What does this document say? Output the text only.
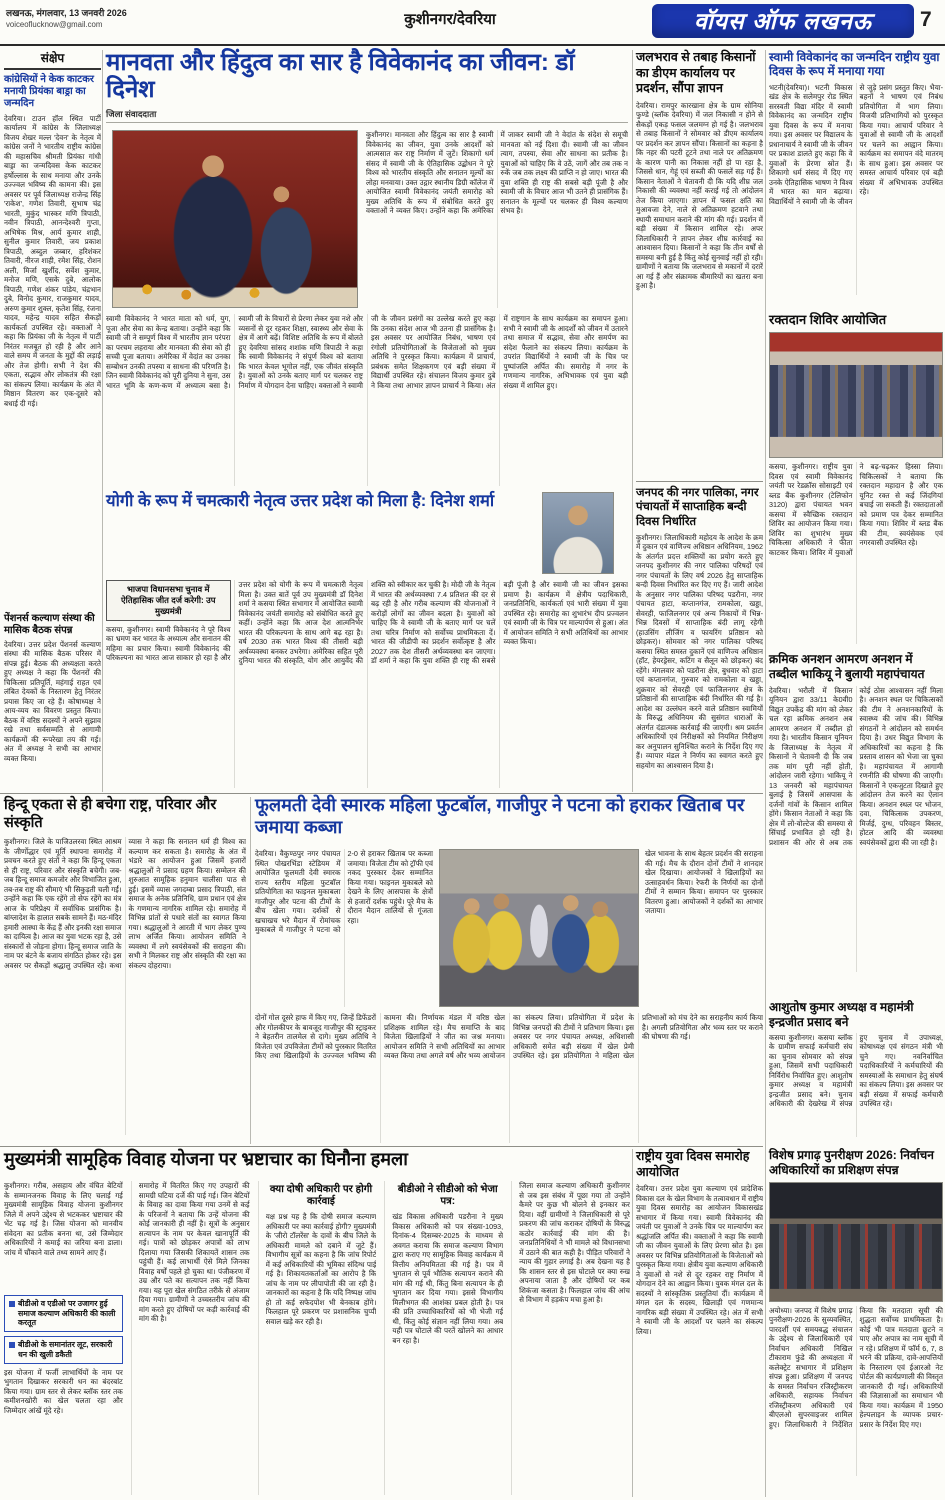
लखनऊ, मंगलवार, 13 जनवरी 2026
voiceoflucknow@gmail.com	कुशीनगर/देवरिया	वॉयस ऑफ लखनऊ	7
संक्षेप
कांग्रेसियों ने केक काटकर मनायी प्रियंका बाड्रा का जन्मदिन
देवरिया। टाउन हॉल स्थित पार्टी कार्यालय में कांग्रेस के जिलाध्यक्ष विजय शेखर मल्ल 'देवन' के नेतृत्व में कांग्रेस जनों ने भारतीय राष्ट्रीय कांग्रेस की महासचिव श्रीमती प्रियंका गांधी बाड्रा का जन्मदिवस केक काटकर हर्षोल्लास के साथ मनाया और उनके उज्ज्वल भविष्य की कामना की। इस अवसर पर पूर्व जिलाध्यक्ष राजेन्द्र सिंह 'राकेश', गणेश तिवारी, सुभाष चंद्र भारती, मुकुंद भास्कर मणि त्रिपाठी, नवीन त्रिपाठी, आनन्देश्वरी गुप्ता, अभिषेक मिश्र, आर्य कुमार शाही, सुनील कुमार तिवारी, जय प्रकाश त्रिपाठी, अब्दुल जब्बार, हरिशंकर तिवारी, नीरज शाही, रमेश सिंह, रोशन अली, मिर्जा खुर्शीद, सर्वेश कुमार, मनोज मणि, एसके दुबे, आलोक त्रिपाठी, गणेश शंकर पांडेय, चंद्रभान दुबे, विनोद कुमार, राजकुमार यादव, अरुण कुमार शुक्ल, कृतेश सिंह, रंजना यादव, महेन्द्र यादव सहित सैकड़ों कार्यकर्ता उपस्थित रहे। वक्ताओं ने कहा कि प्रियंका जी के नेतृत्व में पार्टी निरंतर मजबूत हो रही है और आने वाले समय में जनता के मुद्दों की लड़ाई और तेज होगी। सभी ने देश की एकता, सद्भाव और लोकतंत्र की रक्षा का संकल्प लिया। कार्यक्रम के अंत में मिष्ठान वितरण कर एक-दूसरे को बधाई दी गई।
पेंशनर्स कल्याण संस्था की मासिक बैठक संपन्न
देवरिया। उत्तर प्रदेश पेंशनर्स कल्याण संस्था की मासिक बैठक परिसर में संपन्न हुई। बैठक की अध्यक्षता करते हुए अध्यक्ष ने कहा कि पेंशनरों की चिकित्सा प्रतिपूर्ति, महंगाई राहत एवं लंबित देयकों के निस्तारण हेतु निरंतर प्रयास किए जा रहे हैं। कोषाध्यक्ष ने आय-व्यय का विवरण प्रस्तुत किया। बैठक में वरिष्ठ सदस्यों ने अपने सुझाव रखे तथा सर्वसम्मति से आगामी कार्यक्रमों की रूपरेखा तय की गई। अंत में अध्यक्ष ने सभी का आभार व्यक्त किया।
मानवता और हिंदुत्व का सार है विवेकानंद का जीवन: डॉ दिनेश
जिला संवाददाता
कुशीनगर। मानवता और हिंदुत्व का सार है स्वामी विवेकानंद का जीवन, युवा उनके आदर्शों को आत्मसात कर राष्ट्र निर्माण में जुटें। शिकागो धर्म संसद में स्वामी जी के ऐतिहासिक उद्बोधन ने पूरे विश्व को भारतीय संस्कृति और सनातन मूल्यों का लोहा मनवाया। उक्त उद्गार स्थानीय डिग्री कॉलेज में आयोजित स्वामी विवेकानंद जयंती समारोह को मुख्य अतिथि के रूप में संबोधित करते हुए वक्ताओं ने व्यक्त किए। उन्होंने कहा कि अमेरिका में जाकर स्वामी जी ने वेदांत के संदेश से समूची मानवता को नई दिशा दी। स्वामी जी का जीवन त्याग, तपस्या, सेवा और साधना का प्रतीक है। युवाओं को चाहिए कि वे उठें, जागें और तब तक न रुकें जब तक लक्ष्य की प्राप्ति न हो जाए। भारत की युवा शक्ति ही राष्ट्र की सबसे बड़ी पूंजी है और स्वामी जी के विचार आज भी उतने ही प्रासंगिक हैं। सनातन के मूल्यों पर चलकर ही विश्व कल्याण संभव है।
स्वामी विवेकानंद ने भारत माता को धर्म, युग, पूजा और सेवा का केन्द्र बताया। उन्होंने कहा कि स्वामी जी ने सम्पूर्ण विश्व में भारतीय ज्ञान परंपरा का परचम लहराया और मानवता की सेवा को ही सच्ची पूजा बताया। अमेरिका में वेदांत का उनका सम्बोधन उनकी तपस्या व साधना की परिणति है। जिन स्वामी विवेकानंद को पूरी दुनिया ने सुना, उस भारत भूमि के कण-कण में अध्यात्म बसा है। स्वामी जी के विचारों से प्रेरणा लेकर युवा नशे और व्यसनों से दूर रहकर शिक्षा, स्वास्थ्य और सेवा के क्षेत्र में आगे बढ़ें। विशिष्ट अतिथि के रूप में बोलते हुए देवरिया सांसद शशांक मणि त्रिपाठी ने कहा कि स्वामी विवेकानंद ने संपूर्ण विश्व को बताया कि भारत केवल भूगोल नहीं, एक जीवंत संस्कृति है। युवाओं को उनके बताए मार्ग पर चलकर राष्ट्र निर्माण में योगदान देना चाहिए। वक्ताओं ने स्वामी जी के जीवन प्रसंगों का उल्लेख करते हुए कहा कि उनका संदेश आज भी उतना ही प्रासंगिक है। इस अवसर पर आयोजित निबंध, भाषण एवं रंगोली प्रतियोगिताओं के विजेताओं को मुख्य अतिथि ने पुरस्कृत किया। कार्यक्रम में प्राचार्य, प्रबंधक समेत शिक्षकगण एवं बड़ी संख्या में विद्यार्थी उपस्थित रहे। संचालन विजय कुमार दुबे ने किया तथा आभार ज्ञापन प्राचार्य ने किया। अंत में राष्ट्रगान के साथ कार्यक्रम का समापन हुआ। सभी ने स्वामी जी के आदर्शों को जीवन में उतारने तथा समाज में सद्भाव, सेवा और समर्पण का संदेश फैलाने का संकल्प लिया। कार्यक्रम के उपरांत विद्यार्थियों ने स्वामी जी के चित्र पर पुष्पांजलि अर्पित की। समारोह में नगर के गणमान्य नागरिक, अभिभावक एवं युवा बड़ी संख्या में शामिल हुए।
योगी के रूप में चमत्कारी नेतृत्व उत्तर प्रदेश को मिला है: दिनेश शर्मा
भाजपा विधानसभा चुनाव में ऐतिहासिक जीत दर्ज करेगी: उप मुख्यमंत्री
कसया, कुशीनगर। स्वामी विवेकानंद ने पूरे विश्व का भ्रमण कर भारत के अध्यात्म और सनातन की महिमा का प्रचार किया। स्वामी विवेकानंद की परिकल्पना का भारत आज साकार हो रहा है और उत्तर प्रदेश को योगी के रूप में चमत्कारी नेतृत्व मिला है। उक्त बातें पूर्व उप मुख्यमंत्री डॉ दिनेश शर्मा ने कसया स्थित सभागार में आयोजित स्वामी विवेकानंद जयंती समारोह को संबोधित करते हुए कहीं। उन्होंने कहा कि आज देश आत्मनिर्भर भारत की परिकल्पना के साथ आगे बढ़ रहा है। वर्ष 2030 तक भारत विश्व की तीसरी बड़ी अर्थव्यवस्था बनकर उभरेगा। अमेरिका सहित पूरी दुनिया भारत की संस्कृति, योग और आयुर्वेद की शक्ति को स्वीकार कर चुकी है। मोदी जी के नेतृत्व में भारत की अर्थव्यवस्था 7.4 प्रतिशत की दर से बढ़ रही है और गरीब कल्याण की योजनाओं ने करोड़ों लोगों का जीवन बदला है। युवाओं को चाहिए कि वे स्वामी जी के बताए मार्ग पर चलें तथा चरित्र निर्माण को सर्वोच्च प्राथमिकता दें। भारत की जीडीपी का प्रदर्शन सर्वोत्कृष्ट है और 2027 तक देश तीसरी अर्थव्यवस्था बन जाएगा। डॉ शर्मा ने कहा कि युवा शक्ति ही राष्ट्र की सबसे बड़ी पूंजी है और स्वामी जी का जीवन इसका प्रमाण है। कार्यक्रम में क्षेत्रीय पदाधिकारी, जनप्रतिनिधि, कार्यकर्ता एवं भारी संख्या में युवा उपस्थित रहे। समारोह का शुभारंभ दीप प्रज्वलन एवं स्वामी जी के चित्र पर माल्यार्पण से हुआ। अंत में आयोजन समिति ने सभी अतिथियों का आभार व्यक्त किया।
जलभराव से तबाह किसानों का डीएम कार्यालय पर प्रदर्शन, सौंपा ज्ञापन
देवरिया। रामपुर कारखाना क्षेत्र के ग्राम सोनिया फुण्डे (ब्लॉक देवरिया) में जल निकासी न होने से सैकड़ों एकड़ फसल जलमग्न हो गई है। जलभराव से तबाह किसानों ने सोमवार को डीएम कार्यालय पर प्रदर्शन कर ज्ञापन सौंपा। किसानों का कहना है कि नहर की पटरी टूटने तथा नाले पर अतिक्रमण के कारण पानी का निकास नहीं हो पा रहा है, जिससे धान, गेहूं एवं सब्जी की फसलें सड़ गई हैं। किसान नेताओं ने चेतावनी दी कि यदि शीघ्र जल निकासी की व्यवस्था नहीं कराई गई तो आंदोलन तेज किया जाएगा। ज्ञापन में फसल क्षति का मुआवजा देने, नाले से अतिक्रमण हटवाने तथा स्थायी समाधान कराने की मांग की गई। प्रदर्शन में बड़ी संख्या में किसान शामिल रहे। अपर जिलाधिकारी ने ज्ञापन लेकर शीघ्र कार्रवाई का आश्वासन दिया। किसानों ने कहा कि तीन वर्षों से समस्या बनी हुई है किंतु कोई सुनवाई नहीं हो रही। ग्रामीणों ने बताया कि जलभराव से मकानों में दरारें आ गई हैं और संक्रामक बीमारियों का खतरा बना हुआ है।
जनपद की नगर पालिका, नगर पंचायतों में साप्ताहिक बन्दी दिवस निर्धारित
कुशीनगर। जिलाधिकारी महोदय के आदेश के क्रम में दुकान एवं वाणिज्य अधिष्ठान अधिनियम, 1962 के अंतर्गत प्रदत्त शक्तियों का प्रयोग करते हुए जनपद कुशीनगर की नगर पालिका परिषदों एवं नगर पंचायतों के लिए वर्ष 2026 हेतु साप्ताहिक बन्दी दिवस निर्धारित कर दिए गए हैं। जारी आदेश के अनुसार नगर पालिका परिषद पडरौना, नगर पंचायत हाटा, कप्तानगंज, रामकोला, खड्डा, सेवरही, फाजिलनगर एवं अन्य निकायों में भिन्न-भिन्न दिवसों में साप्ताहिक बंदी लागू रहेगी (हाउसिंग लीजिंग व फायरिंग प्रतिष्ठान को छोड़कर)। सोमवार को नगर पालिका परिषद कसया स्थित समस्त दुकानें एवं वाणिज्य अधिष्ठान (हॉट, हेयरड्रेसर, कटिंग व सैलून को छोड़कर) बंद रहेंगे। मंगलवार को पडरौना क्षेत्र, बुधवार को हाटा एवं कप्तानगंज, गुरुवार को रामकोला व खड्डा, शुक्रवार को सेवरही एवं फाजिलनगर क्षेत्र के प्रतिष्ठानों की साप्ताहिक बंदी निर्धारित की गई है। आदेश का उल्लंघन करने वाले प्रतिष्ठान स्वामियों के विरुद्ध अधिनियम की सुसंगत धाराओं के अंतर्गत दंडात्मक कार्रवाई की जाएगी। श्रम प्रवर्तन अधिकारियों एवं निरीक्षकों को नियमित निरीक्षण कर अनुपालन सुनिश्चित कराने के निर्देश दिए गए हैं। व्यापार मंडल ने निर्णय का स्वागत करते हुए सहयोग का आश्वासन दिया है।
स्वामी विवेकानंद का जन्मदिन राष्ट्रीय युवा दिवस के रूप में मनाया गया
भटनी(देवरिया)। भटनी विकास खंड क्षेत्र के सलेमपुर रोड स्थित सरस्वती विद्या मंदिर में स्वामी विवेकानंद का जन्मदिन राष्ट्रीय युवा दिवस के रूप में मनाया गया। इस अवसर पर विद्यालय के प्रधानाचार्य ने स्वामी जी के जीवन पर प्रकाश डालते हुए कहा कि वे युवाओं के प्रेरणा स्रोत हैं। शिकागो धर्म संसद में दिए गए उनके ऐतिहासिक भाषण ने विश्व में भारत का मान बढ़ाया। विद्यार्थियों ने स्वामी जी के जीवन से जुड़े प्रसंग प्रस्तुत किए। भैया-बहनों ने भाषण एवं निबंध प्रतियोगिता में भाग लिया। विजयी प्रतिभागियों को पुरस्कृत किया गया। आचार्य परिवार ने युवाओं से स्वामी जी के आदर्शों पर चलने का आह्वान किया। कार्यक्रम का समापन वंदे मातरम् के साथ हुआ। इस अवसर पर समस्त आचार्य परिवार एवं बड़ी संख्या में अभिभावक उपस्थित रहे।
रक्तदान शिविर आयोजित
कसया, कुशीनगर। राष्ट्रीय युवा दिवस एवं स्वामी विवेकानंद जयंती पर रेडक्रॉस सोसाइटी एवं ब्लड बैंक कुशीनगर (टेलिफोन 3120) द्वारा पंचायत भवन कसया में स्वैच्छिक रक्तदान शिविर का आयोजन किया गया। शिविर का शुभारंभ मुख्य चिकित्सा अधिकारी ने फीता काटकर किया। शिविर में युवाओं ने बढ़-चढ़कर हिस्सा लिया। चिकित्सकों ने बताया कि रक्तदान महादान है और एक यूनिट रक्त से कई जिंदगियां बचाई जा सकती हैं। रक्तदाताओं को प्रमाण पत्र देकर सम्मानित किया गया। शिविर में ब्लड बैंक की टीम, स्वयंसेवक एवं नगरवासी उपस्थित रहे।
क्रमिक अनशन आमरण अनशन में तब्दील भाकियू ने बुलायी महापंचायत
देवरिया। भरौली में किसान यूनियन द्वारा 33/11 के0वी0 विद्युत उपकेंद्र की मांग को लेकर चल रहा क्रमिक अनशन अब आमरण अनशन में तब्दील हो गया है। भारतीय किसान यूनियन के जिलाध्यक्ष के नेतृत्व में किसानों ने चेतावनी दी कि जब तक मांग पूरी नहीं होती, आंदोलन जारी रहेगा। भाकियू ने 13 जनवरी को महापंचायत बुलाई है जिसमें आसपास के दर्जनों गांवों के किसान शामिल होंगे। किसान नेताओं ने कहा कि क्षेत्र में लो-वोल्टेज की समस्या से सिंचाई प्रभावित हो रही है। प्रशासन की ओर से अब तक कोई ठोस आश्वासन नहीं मिला है। अनशन स्थल पर चिकित्सकों की टीम ने अनशनकारियों के स्वास्थ्य की जांच की। विभिन्न संगठनों ने आंदोलन को समर्थन दिया है। उधर विद्युत विभाग के अधिकारियों का कहना है कि प्रस्ताव शासन को भेजा जा चुका है। महापंचायत में आगामी रणनीति की घोषणा की जाएगी। किसानों ने एकजुटता दिखाते हुए आंदोलन तेज करने का ऐलान किया। अनशन स्थल पर भोजन, दवा, चिकित्सक उपकरण, मिर्जई, दुग्ध, परिवहन बिस्तर, होटल आदि की व्यवस्था स्वयंसेवकों द्वारा की जा रही है।
आशुतोष कुमार अध्यक्ष व महामंत्री इन्द्रजीत प्रसाद बने
कसया कुशीनगर। कसया ब्लॉक के ग्रामीण सफाई कर्मचारी संघ का चुनाव सोमवार को संपन्न हुआ, जिसमें सभी पदाधिकारी निर्विरोध निर्वाचित हुए। आशुतोष कुमार अध्यक्ष व महामंत्री इन्द्रजीत प्रसाद बने। चुनाव अधिकारी की देखरेख में संपन्न हुए चुनाव में उपाध्यक्ष, कोषाध्यक्ष एवं संगठन मंत्री भी चुने गए। नवनिर्वाचित पदाधिकारियों ने कर्मचारियों की समस्याओं के समाधान हेतु संघर्ष का संकल्प लिया। इस अवसर पर बड़ी संख्या में सफाई कर्मचारी उपस्थित रहे।
विशेष प्रगाढ़ पुनरीक्षण 2026: निर्वाचन अधिकारियों का प्रशिक्षण संपन्न
अयोध्या। जनपद में विशेष प्रगाढ़ पुनरीक्षण-2026 के सुव्यवस्थित, पारदर्शी एवं समयबद्ध संचालन के उद्देश्य से जिलाधिकारी एवं निर्वाचन अधिकारी निखिल टीकाराम फुंडे की अध्यक्षता में कलेक्ट्रेट सभागार में प्रशिक्षण संपन्न हुआ। प्रशिक्षण में जनपद के समस्त निर्वाचन रजिस्ट्रीकरण अधिकारी, सहायक निर्वाचन रजिस्ट्रीकरण अधिकारी एवं बीएलओ सुपरवाइजर शामिल हुए। जिलाधिकारी ने निर्देशित किया कि मतदाता सूची की शुद्धता सर्वोच्च प्राथमिकता है। कोई भी पात्र मतदाता छूटने न पाए और अपात्र का नाम सूची में न रहे। प्रशिक्षण में फॉर्म 6, 7, 8 भरने की प्रक्रिया, दावे-आपत्तियों के निस्तारण एवं ईआरओ नेट पोर्टल की कार्यप्रणाली की विस्तृत जानकारी दी गई। अधिकारियों की जिज्ञासाओं का समाधान भी किया गया। कार्यक्रम में 1950 हेल्पलाइन के व्यापक प्रचार-प्रसार के निर्देश दिए गए।
हिन्दू एकता से ही बचेगा राष्ट्र, परिवार और संस्कृति
कुशीनगर। जिले के पाजिउलरवा स्थित आश्रम के जीर्णोद्धार एवं मूर्ति स्थापना समारोह में प्रवचन करते हुए संतों ने कहा कि हिन्दू एकता से ही राष्ट्र, परिवार और संस्कृति बचेगी। जब-जब हिन्दू समाज कमजोर और विभाजित हुआ, तब-तब राष्ट्र की सीमाएं भी सिकुड़ती चली गईं। उन्होंने कहा कि एक रहेंगे तो सेफ रहेंगे का मंत्र आज के परिप्रेक्ष्य में सर्वाधिक प्रासंगिक है। बांग्लादेश के हालात सबके सामने हैं। मठ-मंदिर हमारी आस्था के केंद्र हैं और इनकी रक्षा समाज का दायित्व है। आज का युवा भटक रहा है, उसे संस्कारों से जोड़ना होगा। हिन्दू समाज जाति के नाम पर बंटने के बजाय संगठित होकर रहे। इस अवसर पर सैकड़ों श्रद्धालु उपस्थित रहे। कथा व्यास ने कहा कि सनातन धर्म ही विश्व का कल्याण कर सकता है। समारोह के अंत में भंडारे का आयोजन हुआ जिसमें हजारों श्रद्धालुओं ने प्रसाद ग्रहण किया। सम्मेलन की शुरुआत सामूहिक हनुमान चालीसा पाठ से हुई। इसमें व्यास जगदम्बा प्रसाद त्रिपाठी, संत समाज के अनेक प्रतिनिधि, ग्राम प्रधान एवं क्षेत्र के गणमान्य नागरिक शामिल रहे। समारोह में विभिन्न प्रांतों से पधारे संतों का स्वागत किया गया। श्रद्धालुओं ने आरती में भाग लेकर पुण्य लाभ अर्जित किया। आयोजन समिति ने व्यवस्था में लगे स्वयंसेवकों की सराहना की। सभी ने मिलकर राष्ट्र और संस्कृति की रक्षा का संकल्प दोहराया।
फूलमती देवी स्मारक महिला फुटबॉल, गाजीपुर ने पटना को हराकर खिताब पर जमाया कब्जा
देवरिया। वैकुण्ठपुर नगर पंचायत स्थित पोखरभिंडा स्टेडियम में आयोजित फूलमती देवी स्मारक राज्य स्तरीय महिला फुटबॉल प्रतियोगिता का फाइनल मुकाबला गाजीपुर और पटना की टीमों के बीच खेला गया। दर्शकों से खचाखच भरे मैदान में रोमांचक मुकाबले में गाजीपुर ने पटना को 2-0 से हराकर खिताब पर कब्जा जमाया। विजेता टीम को ट्रॉफी एवं नकद पुरस्कार देकर सम्मानित किया गया। फाइनल मुकाबले को देखने के लिए आसपास के क्षेत्रों से हजारों दर्शक पहुंचे। पूरे मैच के दौरान मैदान तालियों से गूंजता रहा।
खेल भावना के साथ बेहतर प्रदर्शन की सराहना की गई। मैच के दौरान दोनों टीमों ने शानदार खेल दिखाया। आयोजकों ने खिलाड़ियों का उत्साहवर्धन किया। रेफरी के निर्णयों का दोनों टीमों ने सम्मान किया। समापन पर पुरस्कार वितरण हुआ। आयोजकों ने दर्शकों का आभार जताया।
दोनों गोल दूसरे हाफ में किए गए, जिन्हें डिफेंडरों और गोलकीपर के बावजूद गाजीपुर की स्ट्राइकर ने बेहतरीन तालमेल से दागे। मुख्य अतिथि ने विजेता एवं उपविजेता टीमों को पुरस्कार वितरित किए तथा खिलाड़ियों के उज्ज्वल भविष्य की कामना की। निर्णायक मंडल में वरिष्ठ खेल प्रशिक्षक शामिल रहे। मैच समाप्ति के बाद विजेता खिलाड़ियों ने जीत का जश्न मनाया। आयोजन समिति ने सभी अतिथियों का आभार व्यक्त किया तथा अगले वर्ष और भव्य आयोजन का संकल्प लिया। प्रतियोगिता में प्रदेश के विभिन्न जनपदों की टीमों ने प्रतिभाग किया। इस अवसर पर नगर पंचायत अध्यक्ष, अधिशासी अधिकारी समेत बड़ी संख्या में खेल प्रेमी उपस्थित रहे। इस प्रतियोगिता ने महिला खेल प्रतिभाओं को मंच देने का सराहनीय कार्य किया है। अगली प्रतियोगिता और भव्य स्तर पर कराने की घोषणा की गई।
मुख्यमंत्री सामूहिक विवाह योजना पर भ्रष्टाचार का घिनौना हमला
कुशीनगर। गरीब, असहाय और वंचित बेटियों के सम्मानजनक विवाह के लिए चलाई गई मुख्यमंत्री सामूहिक विवाह योजना कुशीनगर जिले में अपने उद्देश्य से भटककर भ्रष्टाचार की भेंट चढ़ गई है। जिस योजना को मानवीय संवेदना का प्रतीक बनना था, उसे जिम्मेदार अधिकारियों ने कमाई का जरिया बना डाला। जांच में चौंकाने वाले तथ्य सामने आए हैं।
बीडीओ व एडीओ पर उजागर हुई समाज कल्याण अधिकारी की काली करतूत
बीडीओ के समानांतर लूट, सरकारी धन की खुली डकैती
इस योजना में फर्जी लाभार्थियों के नाम पर भुगतान दिखाकर सरकारी धन का बंदरबांट किया गया। ग्राम स्तर से लेकर ब्लॉक स्तर तक कमीशनखोरी का खेल चलता रहा और जिम्मेदार आंखें मूंदे रहे।
समारोह में वितरित किए गए उपहारों की सामग्री घटिया दर्जे की पाई गई। जिन बेटियों के विवाह का दावा किया गया उनमें से कई के परिजनों ने बताया कि उन्हें योजना की कोई जानकारी ही नहीं है। सूत्रों के अनुसार सत्यापन के नाम पर केवल खानापूर्ति की गई। पात्रों को छोड़कर अपात्रों को लाभ दिलाया गया जिसकी शिकायतें शासन तक पहुंची हैं। कई लाभार्थी ऐसे मिले जिनका विवाह वर्षों पहले हो चुका था। पंजीकरण में उम्र और पते का सत्यापन तक नहीं किया गया। यह पूरा खेल संगठित तरीके से अंजाम दिया गया। ग्रामीणों ने उच्चस्तरीय जांच की मांग करते हुए दोषियों पर कड़ी कार्रवाई की मांग की है।
क्या दोषी अधिकारी पर होगी कार्रवाई
यक्ष प्रश्न यह है कि दोषी समाज कल्याण अधिकारी पर क्या कार्रवाई होगी? मुख्यमंत्री के 'जीरो टॉलरेंस' के दावों के बीच जिले के अधिकारी मामले को दबाने में जुटे हैं। विभागीय सूत्रों का कहना है कि जांच रिपोर्ट में कई अधिकारियों की भूमिका संदिग्ध पाई गई है। शिकायतकर्ताओं का आरोप है कि जांच के नाम पर लीपापोती की जा रही है। जानकारों का कहना है कि यदि निष्पक्ष जांच हो तो कई सफेदपोश भी बेनकाब होंगे। फिलहाल पूरे प्रकरण पर प्रशासनिक चुप्पी सवाल खड़े कर रही है।
बीडीओ ने सीडीओ को भेजा पत्र:
खंड विकास अधिकारी पडरौना ने मुख्य विकास अधिकारी को पत्र संख्या-1093, दिनांक-4 दिसम्बर-2025 के माध्यम से अवगत कराया कि समाज कल्याण विभाग द्वारा कराए गए सामूहिक विवाह कार्यक्रम में वित्तीय अनियमितता की गई है। पत्र में भुगतान से पूर्व भौतिक सत्यापन कराने की मांग की गई थी, किंतु बिना सत्यापन के ही भुगतान कर दिया गया। इससे विभागीय मिलीभगत की आशंका प्रबल होती है। पत्र की प्रति उच्चाधिकारियों को भी भेजी गई थी, किंतु कोई संज्ञान नहीं लिया गया। अब यही पत्र घोटाले की परतें खोलने का आधार बन रहा है।
जिला समाज कल्याण अधिकारी कुशीनगर से जब इस संबंध में पूछा गया तो उन्होंने कैमरे पर कुछ भी बोलने से इनकार कर दिया। वहीं ग्रामीणों ने जिलाधिकारी से पूरे प्रकरण की जांच कराकर दोषियों के विरुद्ध कठोर कार्रवाई की मांग की है। जनप्रतिनिधियों ने भी मामले को विधानसभा में उठाने की बात कही है। पीड़ित परिवारों ने न्याय की गुहार लगाई है। अब देखना यह है कि शासन स्तर से इस घोटाले पर क्या रुख अपनाया जाता है और दोषियों पर कब शिकंजा कसता है। फिलहाल जांच की आंच से विभाग में हड़कंप मचा हुआ है।
राष्ट्रीय युवा दिवस समारोह आयोजित
देवरिया। उत्तर प्रदेश युवा कल्याण एवं प्रादेशिक विकास दल के खेल विभाग के तत्वावधान में राष्ट्रीय युवा दिवस समारोह का आयोजन विकासखंड सभागार में किया गया। स्वामी विवेकानंद की जयंती पर युवाओं ने उनके चित्र पर माल्यार्पण कर श्रद्धांजलि अर्पित की। वक्ताओं ने कहा कि स्वामी जी का जीवन युवाओं के लिए प्रेरणा स्रोत है। इस अवसर पर विभिन्न प्रतियोगिताओं के विजेताओं को पुरस्कृत किया गया। क्षेत्रीय युवा कल्याण अधिकारी ने युवाओं से नशे से दूर रहकर राष्ट्र निर्माण में योगदान देने का आह्वान किया। युवक मंगल दल के सदस्यों ने सांस्कृतिक प्रस्तुतियां दीं। कार्यक्रम में मंगल दल के सदस्य, खिलाड़ी एवं गणमान्य नागरिक बड़ी संख्या में उपस्थित रहे। अंत में सभी ने स्वामी जी के आदर्शों पर चलने का संकल्प लिया।
